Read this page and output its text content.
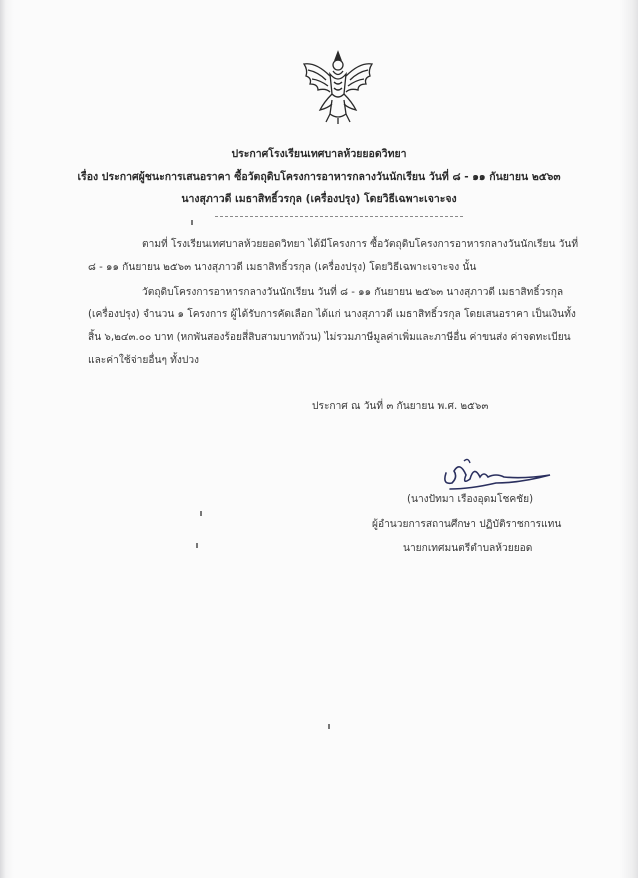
ประกาศโรงเรียนเทศบาลห้วยยอดวิทยา
เรื่อง ประกาศผู้ชนะการเสนอราคา ซื้อวัตถุดิบโครงการอาหารกลางวันนักเรียน วันที่ ๘ - ๑๑ กันยายน ๒๕๖๓
นางสุภาวดี เมธาสิทธิ์วรกุล (เครื่องปรุง) โดยวิธีเฉพาะเจาะจง
ตามที่ โรงเรียนเทศบาลห้วยยอดวิทยา ได้มีโครงการ ซื้อวัตถุดิบโครงการอาหารกลางวันนักเรียน วันที่
๘ - ๑๑ กันยายน ๒๕๖๓ นางสุภาวดี เมธาสิทธิ์วรกุล (เครื่องปรุง) โดยวิธีเฉพาะเจาะจง นั้น
วัตถุดิบโครงการอาหารกลางวันนักเรียน วันที่ ๘ - ๑๑ กันยายน ๒๕๖๓ นางสุภาวดี เมธาสิทธิ์วรกุล
(เครื่องปรุง) จำนวน ๑ โครงการ ผู้ได้รับการคัดเลือก ได้แก่ นางสุภาวดี เมธาสิทธิ์วรกุล โดยเสนอราคา เป็นเงินทั้ง
สิ้น ๖,๒๔๓.๐๐ บาท (หกพันสองร้อยสี่สิบสามบาทถ้วน) ไม่รวมภาษีมูลค่าเพิ่มและภาษีอื่น ค่าขนส่ง ค่าจดทะเบียน
และค่าใช้จ่ายอื่นๆ ทั้งปวง
ประกาศ ณ วันที่ ๓ กันยายน พ.ศ. ๒๕๖๓
(นางปัทมา เรืองอุดมโชคชัย)
ผู้อำนวยการสถานศึกษา ปฏิบัติราชการแทน
นายกเทศมนตรีตำบลห้วยยอด
